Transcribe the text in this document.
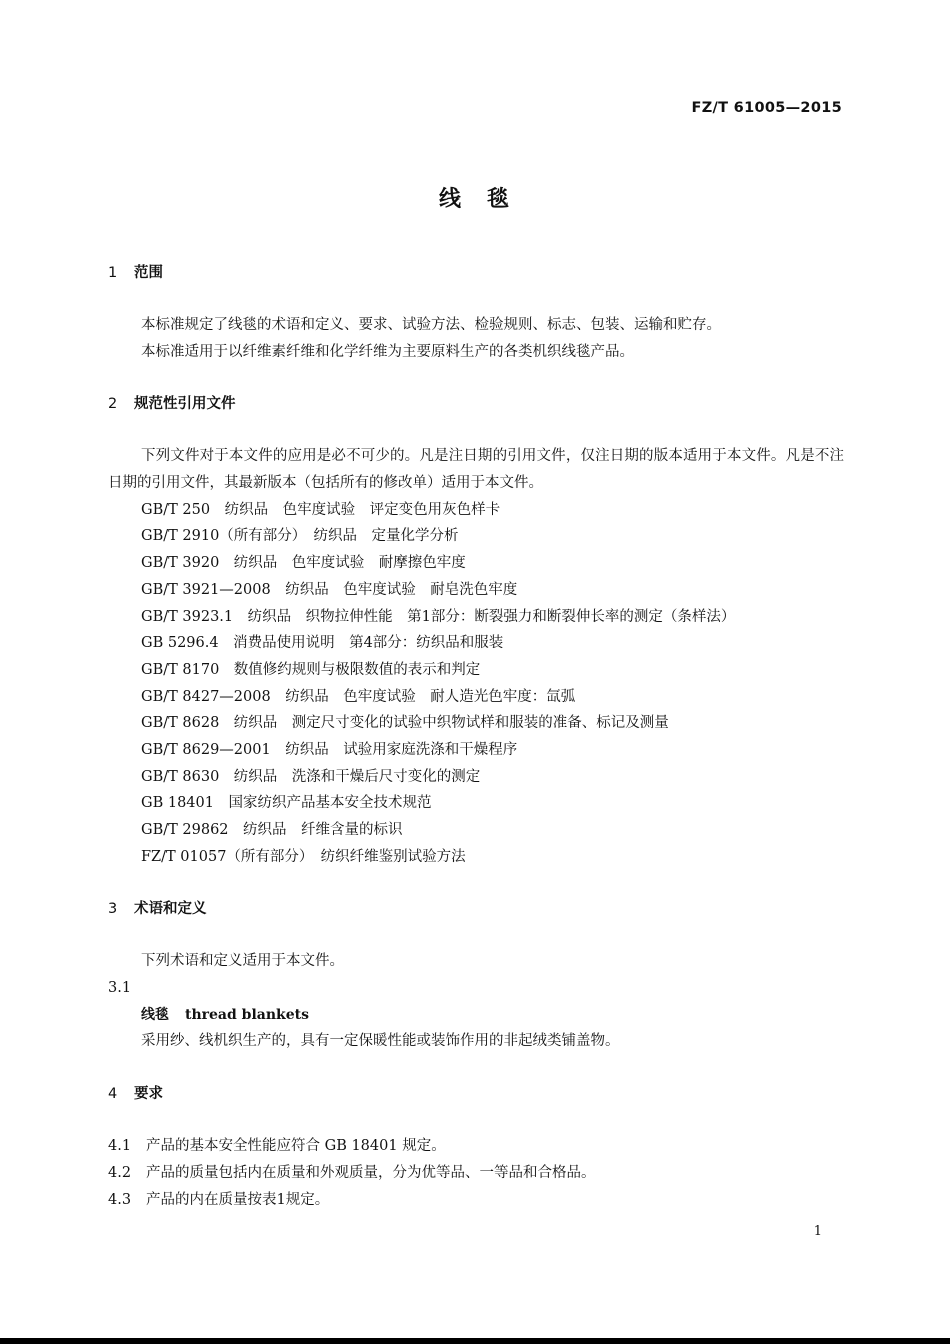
FZ/T 61005—2015
线　毯
1 范围
本标准规定了线毯的术语和定义、要求、试验方法、检验规则、标志、包装、运输和贮存。
本标准适用于以纤维素纤维和化学纤维为主要原料生产的各类机织线毯产品。
2 规范性引用文件
下列文件对于本文件的应用是必不可少的。凡是注日期的引用文件，仅注日期的版本适用于本文件。凡是不注日期的引用文件，其最新版本（包括所有的修改单）适用于本文件。
GB/T 250　纺织品　色牢度试验　评定变色用灰色样卡
GB/T 2910（所有部分）　纺织品　定量化学分析
GB/T 3920　纺织品　色牢度试验　耐摩擦色牢度
GB/T 3921—2008　纺织品　色牢度试验　耐皂洗色牢度
GB/T 3923.1　纺织品　织物拉伸性能　第1部分：断裂强力和断裂伸长率的测定（条样法）
GB 5296.4　消费品使用说明　第4部分：纺织品和服装
GB/T 8170　数值修约规则与极限数值的表示和判定
GB/T 8427—2008　纺织品　色牢度试验　耐人造光色牢度：氙弧
GB/T 8628　纺织品　测定尺寸变化的试验中织物试样和服装的准备、标记及测量
GB/T 8629—2001　纺织品　试验用家庭洗涤和干燥程序
GB/T 8630　纺织品　洗涤和干燥后尺寸变化的测定
GB 18401　国家纺织产品基本安全技术规范
GB/T 29862　纺织品　纤维含量的标识
FZ/T 01057（所有部分）　纺织纤维鉴别试验方法
3 术语和定义
下列术语和定义适用于本文件。
3.1
线毯 thread blankets
采用纱、线机织生产的，具有一定保暖性能或装饰作用的非起绒类铺盖物。
4 要求
4.1 产品的基本安全性能应符合 GB 18401 规定。
4.2 产品的质量包括内在质量和外观质量，分为优等品、一等品和合格品。
4.3 产品的内在质量按表1规定。
1
